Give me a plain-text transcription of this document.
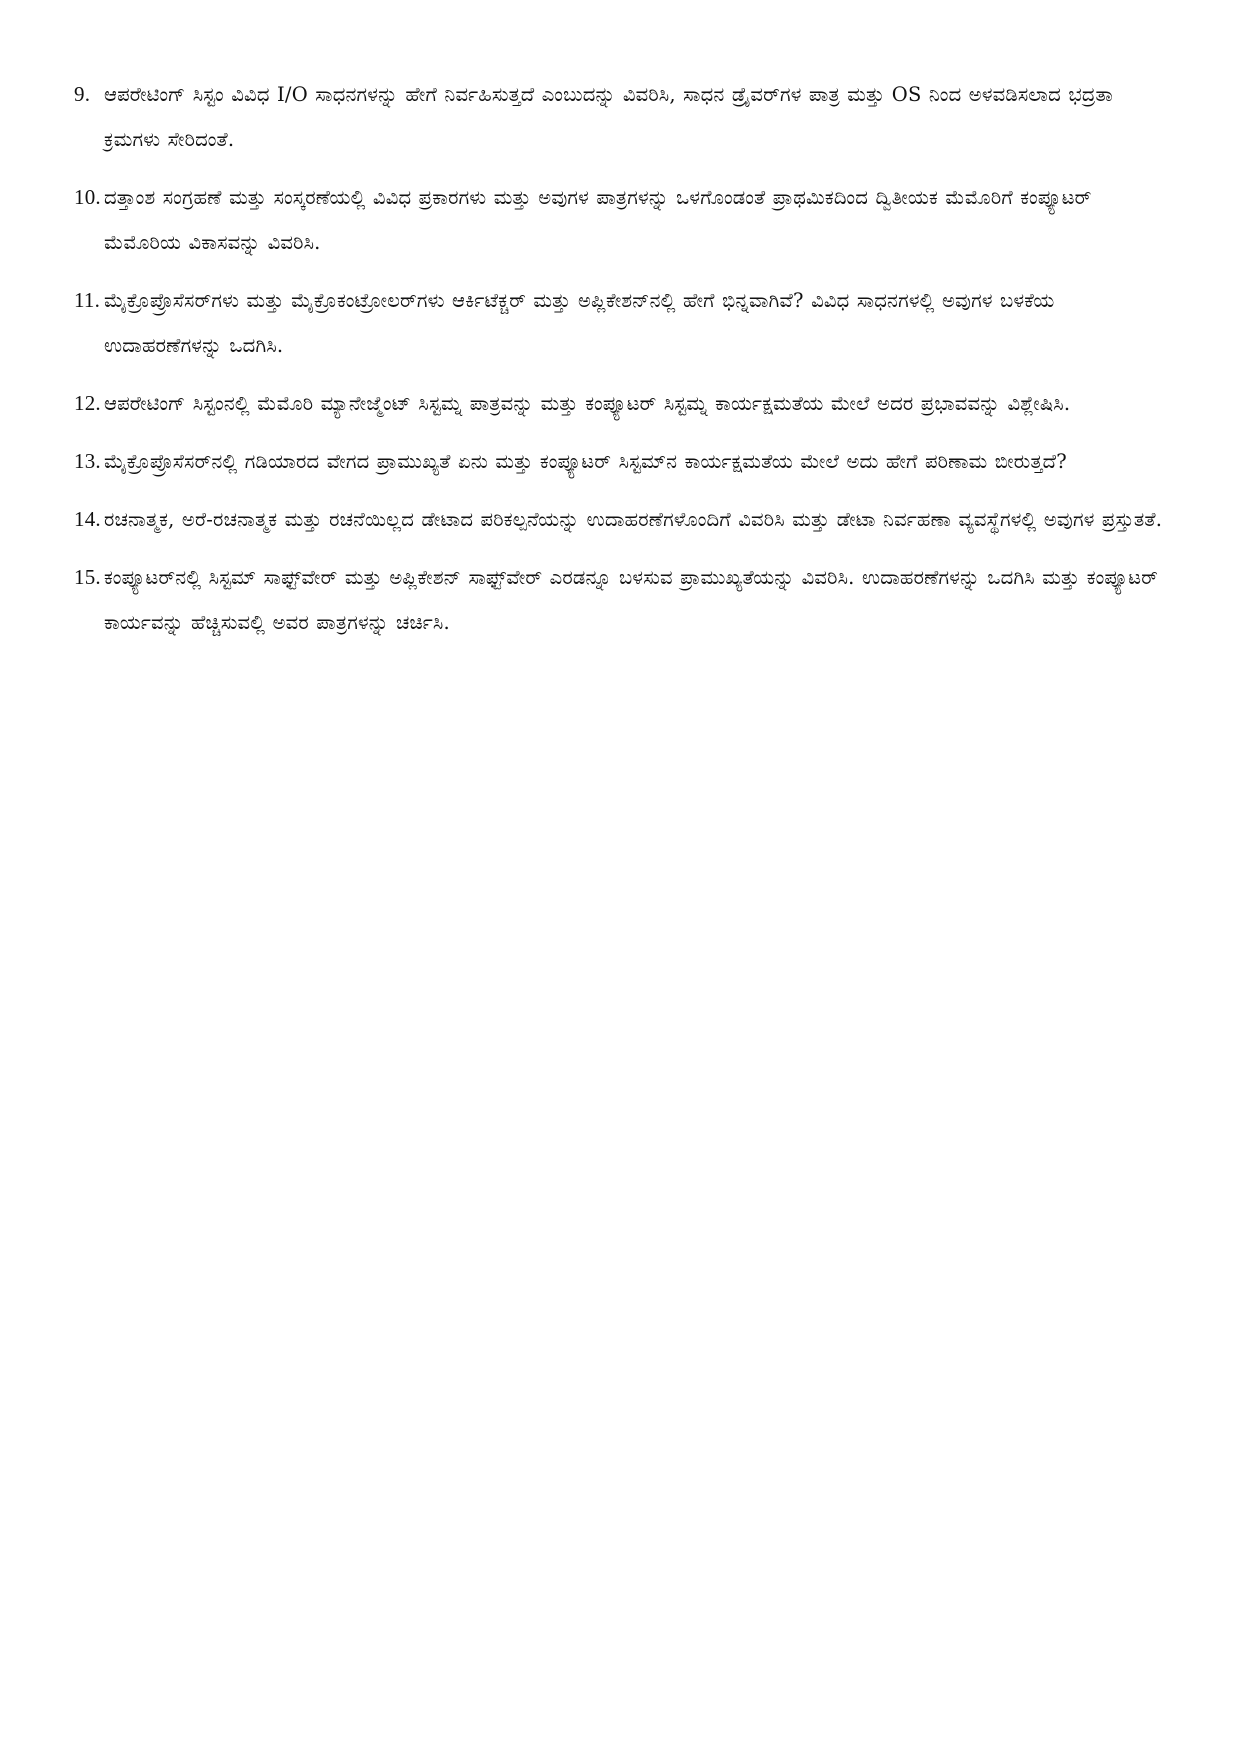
9. ಆಪರೇಟಿಂಗ್ ಸಿಸ್ಟಂ ವಿವಿಧ I/O ಸಾಧನಗಳನ್ನು ಹೇಗೆ ನಿರ್ವಹಿಸುತ್ತದೆ ಎಂಬುದನ್ನು ವಿವರಿಸಿ, ಸಾಧನ ಡ್ರೈವರ್‌ಗಳ ಪಾತ್ರ ಮತ್ತು OS ನಿಂದ ಅಳವಡಿಸಲಾದ ಭದ್ರತಾ ಕ್ರಮಗಳು ಸೇರಿದಂತೆ.
10. ದತ್ತಾಂಶ ಸಂಗ್ರಹಣೆ ಮತ್ತು ಸಂಸ್ಕರಣೆಯಲ್ಲಿ ವಿವಿಧ ಪ್ರಕಾರಗಳು ಮತ್ತು ಅವುಗಳ ಪಾತ್ರಗಳನ್ನು ಒಳಗೊಂಡಂತೆ ಪ್ರಾಥಮಿಕದಿಂದ ದ್ವಿತೀಯಕ ಮೆಮೊರಿಗೆ ಕಂಪ್ಯೂಟರ್ ಮೆಮೊರಿಯ ವಿಕಾಸವನ್ನು ವಿವರಿಸಿ.
11. ಮೈಕ್ರೊಪ್ರೊಸೆಸರ್‌ಗಳು ಮತ್ತು ಮೈಕ್ರೊಕಂಟ್ರೋಲರ್‌ಗಳು ಆರ್ಕಿಟೆಕ್ಚರ್ ಮತ್ತು ಅಪ್ಲಿಕೇಶನ್‌ನಲ್ಲಿ ಹೇಗೆ ಭಿನ್ನವಾಗಿವೆ? ವಿವಿಧ ಸಾಧನಗಳಲ್ಲಿ ಅವುಗಳ ಬಳಕೆಯ ಉದಾಹರಣೆಗಳನ್ನು ಒದಗಿಸಿ.
12. ಆಪರೇಟಿಂಗ್ ಸಿಸ್ಟಂನಲ್ಲಿ ಮೆಮೊರಿ ಮ್ಯಾನೇಜ್ಮೆಂಟ್ ಸಿಸ್ಟಮ್ನ ಪಾತ್ರವನ್ನು ಮತ್ತು ಕಂಪ್ಯೂಟರ್ ಸಿಸ್ಟಮ್ನ ಕಾರ್ಯಕ್ಷಮತೆಯ ಮೇಲೆ ಅದರ ಪ್ರಭಾವವನ್ನು ವಿಶ್ಲೇಷಿಸಿ.
13. ಮೈಕ್ರೊಪ್ರೊಸೆಸರ್‌ನಲ್ಲಿ ಗಡಿಯಾರದ ವೇಗದ ಪ್ರಾಮುಖ್ಯತೆ ಏನು ಮತ್ತು ಕಂಪ್ಯೂಟರ್ ಸಿಸ್ಟಮ್‌ನ ಕಾರ್ಯಕ್ಷಮತೆಯ ಮೇಲೆ ಅದು ಹೇಗೆ ಪರಿಣಾಮ ಬೀರುತ್ತದೆ?
14. ರಚನಾತ್ಮಕ, ಅರೆ-ರಚನಾತ್ಮಕ ಮತ್ತು ರಚನೆಯಿಲ್ಲದ ಡೇಟಾದ ಪರಿಕಲ್ಪನೆಯನ್ನು ಉದಾಹರಣೆಗಳೊಂದಿಗೆ ವಿವರಿಸಿ ಮತ್ತು ಡೇಟಾ ನಿರ್ವಹಣಾ ವ್ಯವಸ್ಥೆಗಳಲ್ಲಿ ಅವುಗಳ ಪ್ರಸ್ತುತತೆ.
15. ಕಂಪ್ಯೂಟರ್‌ನಲ್ಲಿ ಸಿಸ್ಟಮ್ ಸಾಫ್ಟ್‌ವೇರ್ ಮತ್ತು ಅಪ್ಲಿಕೇಶನ್ ಸಾಫ್ಟ್‌ವೇರ್ ಎರಡನ್ನೂ ಬಳಸುವ ಪ್ರಾಮುಖ್ಯತೆಯನ್ನು ವಿವರಿಸಿ. ಉದಾಹರಣೆಗಳನ್ನು ಒದಗಿಸಿ ಮತ್ತು ಕಂಪ್ಯೂಟರ್ ಕಾರ್ಯವನ್ನು ಹೆಚ್ಚಿಸುವಲ್ಲಿ ಅವರ ಪಾತ್ರಗಳನ್ನು ಚರ್ಚಿಸಿ.
